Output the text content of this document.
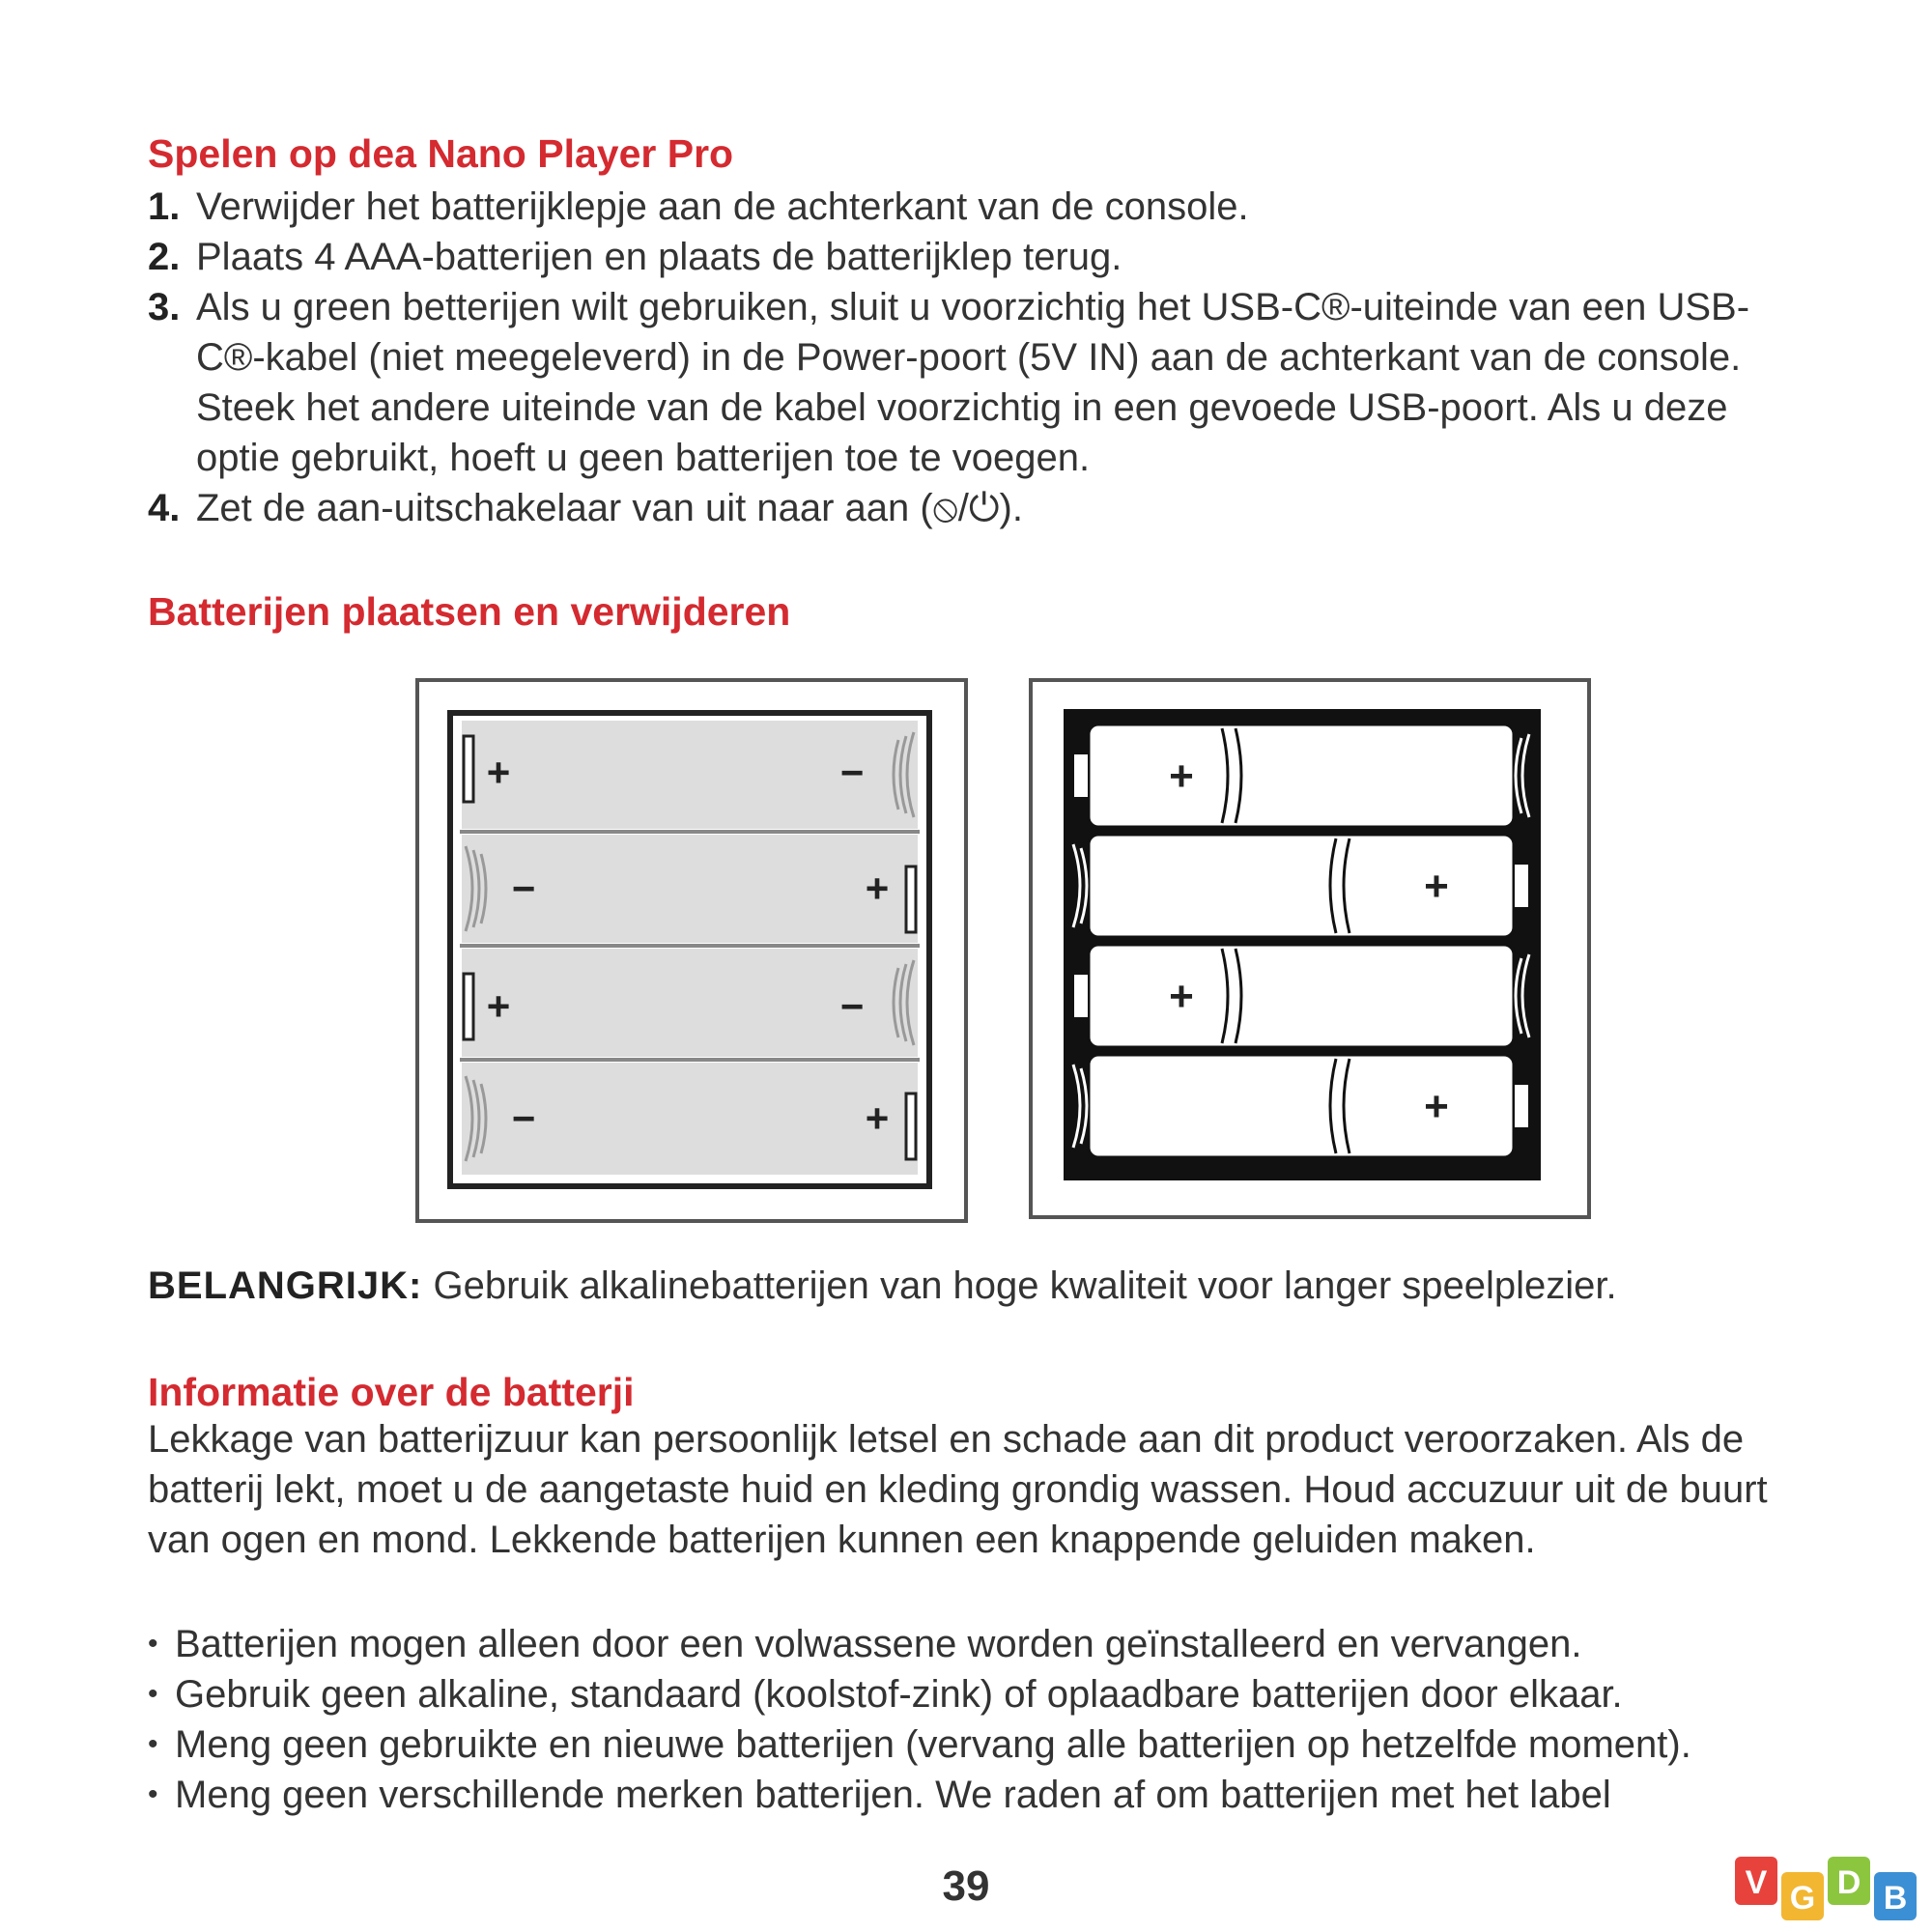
Spelen op dea Nano Player Pro
1. Verwijder het batterijklepje aan de achterkant van de console.
2. Plaats 4 AAA-batterijen en plaats de batterijklep terug.
3. Als u green betterijen wilt gebruiken, sluit u voorzichtig het USB-C®-uiteinde van een USB-C®-kabel (niet meegeleverd) in de Power-poort (5V IN) aan de achterkant van de console. Steek het andere uiteinde van de kabel voorzichtig in een gevoede USB-poort. Als u deze optie gebruikt, hoeft u geen batterijen toe te voegen.
4. Zet de aan-uitschakelaar van uit naar aan (⦸/⏻).
Batterijen plaatsen en verwijderen
+	−
−	+
+	−
−	+
+
+
+
+

BELANGRIJK: Gebruik alkalinebatterijen van hoge kwaliteit voor langer speelplezier.

Informatie over de batterji

Lekkage van batterijzuur kan persoonlijk letsel en schade aan dit product veroorzaken. Als de batterij lekt, moet u de aangetaste huid en kleding grondig wassen. Houd accuzuur uit de buurt van ogen en mond. Lekkende batterijen kunnen een knappende geluiden maken.

• Batterijen mogen alleen door een volwassene worden geïnstalleerd en vervangen.
• Gebruik geen alkaline, standaard (koolstof-zink) of oplaadbare batterijen door elkaar.
• Meng geen gebruikte en nieuwe batterijen (vervang alle batterijen op hetzelfde moment).
• Meng geen verschillende merken batterijen. We raden af om batterijen met het label
39	V G D B
